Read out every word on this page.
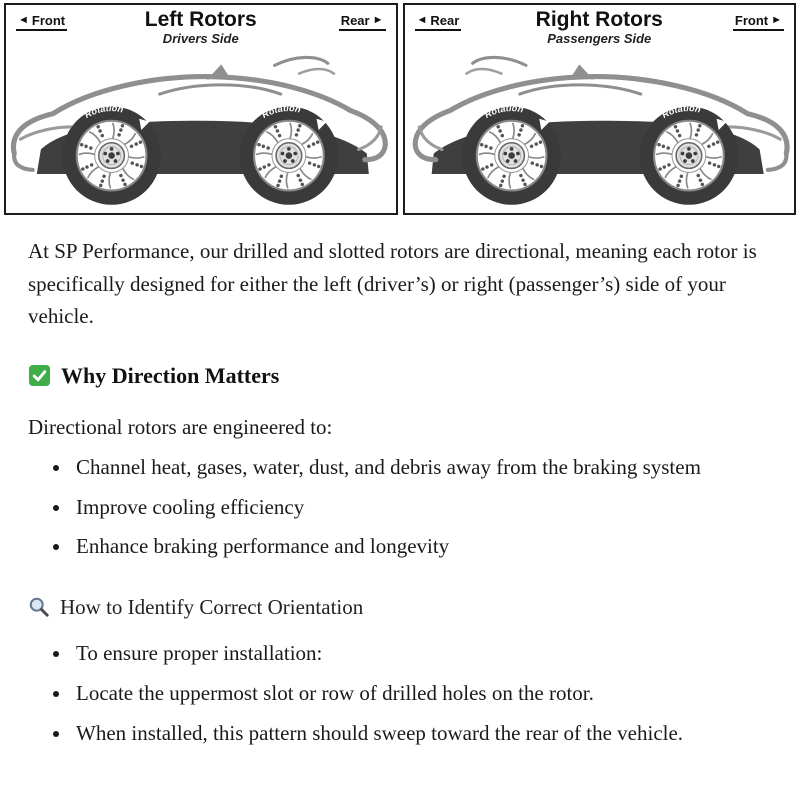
◄ Front	Left Rotors
Drivers Side
Rear ►	◄ Rear	Right Rotors
Passengers Side
Front ►

At SP Performance, our drilled and slotted rotors are directional, meaning each rotor is specifically designed for either the left (driver’s) or right (passenger’s) side of your vehicle.

Why Direction Matters

Directional rotors are engineered to:

• Channel heat, gases, water, dust, and debris away from the braking system
• Improve cooling efficiency
• Enhance braking performance and longevity
How to Identify Correct Orientation
• To ensure proper installation:
• Locate the uppermost slot or row of drilled holes on the rotor.
• When installed, this pattern should sweep toward the rear of the vehicle.
